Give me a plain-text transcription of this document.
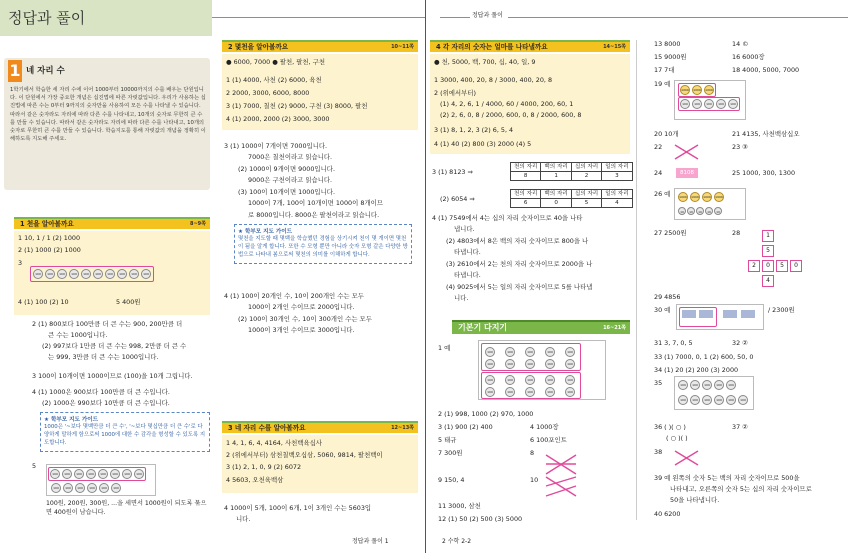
정답과 풀이
1 네 자리 수
1학기에서 학습한 세 자리 수에 이어 1000부터 10000까지의 수를 배우는 단원입니다. 이 단원에서 가장 중요한 개념은 십진법에 따른 자릿값입니다. 우리가 사용하는 십진법에 따른 수는 0부터 9까지의 숫자만을 사용하여 모든 수를 나타낼 수 있습니다. 따라서 같은 숫자라도 자리에 따라 다른 수를 나타내고, 10개의 숫자로 무한히 큰 수를 만들 수 있습니다. 따라서 같은 숫자라도 자리에 따라 다른 수를 나타내고, 10개의 숫자로 무한히 큰 수를 만들 수 있습니다. 학습지도를 통해 자릿값의 개념을 정확히 이해하도록 지도해 주세요.
1 천을 알아볼까요	8~9쪽
1 10, 1 / 1 (2) 1000
2 (1) 1000 (2) 1000
3
100	100	100	100	100	100	100	100	100	100
4 (1) 100 (2) 10	5 400원
2 (1) 800보다 100만큼 더 큰 수는 900, 200만큼 더
큰 수는 1000입니다.
(2) 997보다 1만큼 더 큰 수는 998, 2만큼 더 큰 수
는 999, 3만큼 더 큰 수는 1000입니다.
3 100이 10개이면 1000이므로 (100)을 10개 그립니다.
4 (1) 1000은 900보다 100만큼 더 큰 수입니다.
(2) 1000은 990보다 10만큼 더 큰 수입니다.
★ 학부모 지도 가이드
1000은 '~보다 몇백만큼 더 큰 수', '~보다 몇십만큼 더 큰 수'로 다양하게 말하게 함으로써 1000에 대한 수 감각을 형성할 수 있도록 지도합니다.
5
100	100	100	100	100	100	100	100
100	100	100	100	100	100
100원, 200원, 300원, ...을 세면서 1000원이 되도록 묶으면 400원이 남습니다.
2 몇천을 알아볼까요	10~11쪽
● 6000, 7000 ● 팔천, 팔천, 구천
1 (1) 4000, 사천 (2) 6000, 육천
2 2000, 3000, 6000, 8000
3 (1) 7000, 칠천 (2) 9000, 구천 (3) 8000, 팔천
4 (1) 2000, 2000 (2) 3000, 3000
3 (1) 1000이 7개이면 7000입니다.
7000은 칠천이라고 읽습니다.
(2) 1000이 9개이면 9000입니다.
9000은 구천이라고 읽습니다.
(3) 100이 10개이면 1000입니다.
1000이 7개, 100이 10개이면 1000이 8개이므
로 8000입니다. 8000은 팔천이라고 읽습니다.
★ 학부모 지도 가이드
몇천을 지도할 때 몇백을 학습했던 경험을 상기시켜 천이 몇 개이면 몇천이 됨을 알게 합니다. 또한 수 모형 뿐만 아니라 숫자 모형 같은 다양한 방법으로 나타내 봄으로써 몇천의 의미를 이해하게 합니다.
4 (1) 100이 20개인 수, 10이 200개인 수는 모두
1000이 2개인 수이므로 2000입니다.
(2) 100이 30개인 수, 10이 300개인 수는 모두
1000이 3개인 수이므로 3000입니다.
3 네 자리 수를 알아볼까요	12~13쪽
1 4, 1, 6, 4, 4164, 사천백육십사
2 (위에서부터) 삼천칠백오십삼, 5060, 9814, 팔천백이
3 (1) 2, 1, 0, 9 (2) 6072
4 5603, 오천육백삼
4 1000이 5개, 100이 6개, 1이 3개인 수는 5603입
니다.
정답과 풀이 1
정답과 풀이
4 각 자리의 숫자는 얼마를 나타낼까요	14~15쪽
● 천, 5000, 백, 700, 십, 40, 일, 9
1 3000, 400, 20, 8 / 3000, 400, 20, 8
2 (위에서부터)
(1) 4, 2, 6, 1 / 4000, 60 / 4000, 200, 60, 1
(2) 2, 6, 0, 8 / 2000, 600, 0, 8 / 2000, 600, 8
3 (1) 8, 1, 2, 3 (2) 6, 5, 4
4 (1) 40 (2) 800 (3) 2000 (4) 5
3 (1) 8123 ⇒
천의 자리	백의 자리	십의 자리	일의 자리
8	1	2	3
(2) 6054 ⇒
천의 자리	백의 자리	십의 자리	일의 자리
6	0	5	4
4 (1) 7549에서 4는 십의 자리 숫자이므로 40을 나타
냅니다.
(2) 4803에서 8은 백의 자리 숫자이므로 800을 나
타냅니다.
(3) 2610에서 2는 천의 자리 숫자이므로 2000을 나
타냅니다.
(4) 9025에서 5는 일의 자리 숫자이므로 5를 나타냅
니다.
기본기 다지기	16~21쪽
1 예	100	100	100	100	100
100	100	100	100	100
100	100	100	100	100
100	100	100	100	100
2 (1) 998, 1000 (2) 970, 1000
3 (1) 900 (2) 400	4 1000장
5 태규	6 100포인트
7 300원	8
9 150, 4	10
11 3000, 삼천
12 (1) 50 (2) 500 (3) 5000
13 8000	14 ©
15 9000원	16 6000장
17 7대	18 4000, 5000, 7000
19 예
1000	1000	1000
100	100	100	100	100
20 10개	21 4135, 사천백삼십오
22	23 ③
24	8108	25 1000, 300, 1300
26 예	1000	1000	1000	1000
10	10	10	10	10
27 2500원	28	1
5
2	0	5	0
4
29 4856
30 예	/ 2300원
31 3, 7, 0, 5	32 ②
33 (1) 7000, 0, 1 (2) 600, 50, 0
34 (1) 20 (2) 200 (3) 2000
35	100	100	100	100	100
100	100	100	100	100	100
36 ( )( ○ )
( ○ )( )
37 ②
38
39 예 왼쪽의 숫자 5는 백의 자리 숫자이므로 500을
나타내고, 오른쪽의 숫자 5는 십의 자리 숫자이므로
50을 나타냅니다.
40 6200
2 수학 2-2
